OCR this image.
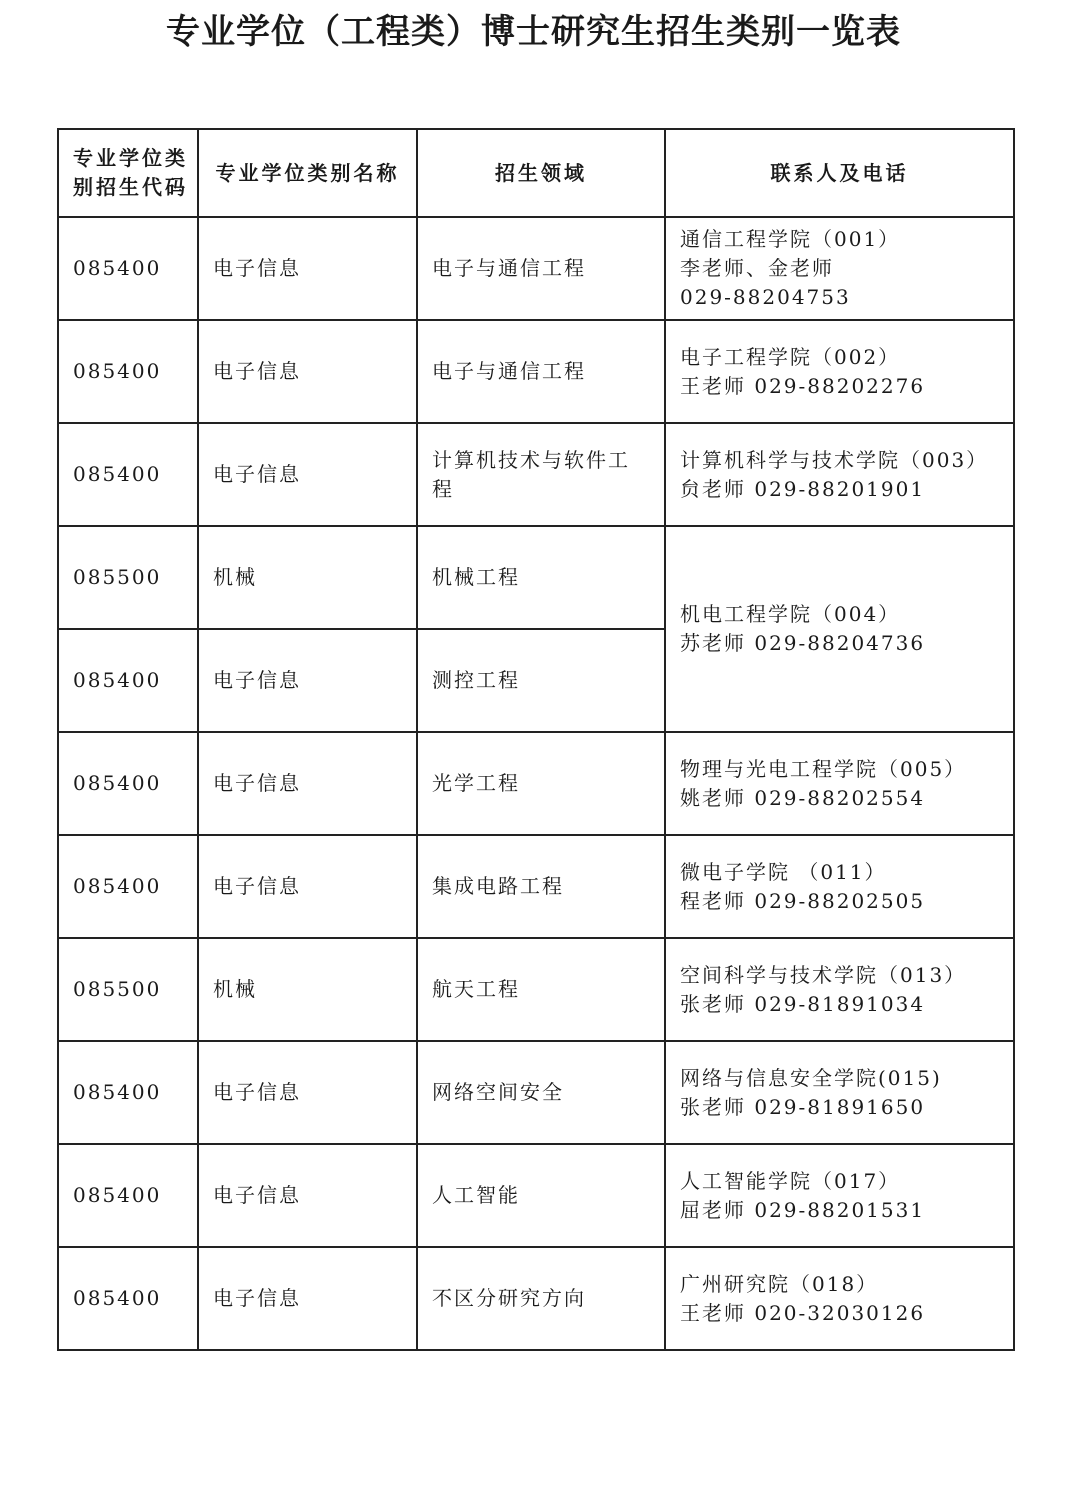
专业学位（工程类）博士研究生招生类别一览表
专业学位类
别招生代码	专业学位类别名称	招生领域	联系人及电话
085400	电子信息	电子与通信工程	通信工程学院（001）
李老师、金老师
029-88204753

085400	电子信息	电子与通信工程	电子工程学院（002）
王老师 029-88202276

085400	电子信息	计算机技术与软件工程	计算机科学与技术学院（003）
贠老师 029-88201901

085500	机械	机械工程	机电工程学院（004）
苏老师 029-88204736

085400	电子信息	测控工程	
085400	电子信息	光学工程	物理与光电工程学院（005）
姚老师 029-88202554

085400	电子信息	集成电路工程	微电子学院 （011）
程老师 029-88202505

085500	机械	航天工程	空间科学与技术学院（013）
张老师 029-81891034

085400	电子信息	网络空间安全	网络与信息安全学院(015)
张老师 029-81891650

085400	电子信息	人工智能	人工智能学院（017）
屈老师 029-88201531

085400	电子信息	不区分研究方向	广州研究院（018）
王老师 020-32030126
